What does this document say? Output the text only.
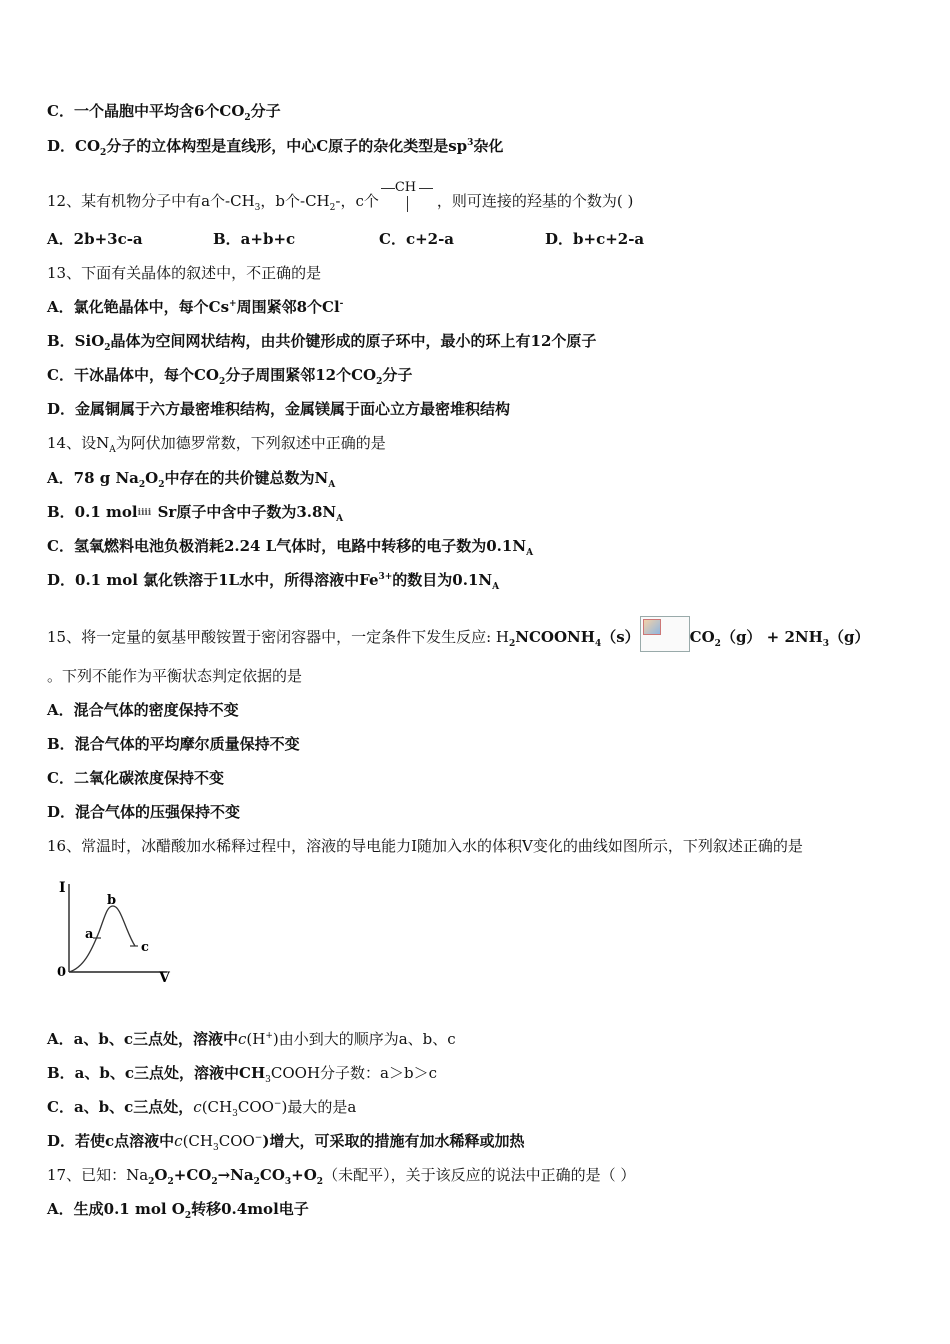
C．一个晶胞中平均含6个$CO_2$分子
D．$CO_2$分子的立体构型是直线形，中心C原子的杂化类型是$sp^3$杂化
12、某有机物分子中有a个$-CH_3$，b个$-CH_2-$，c个
CH
，则可连接的羟基的个数为( )
A．2b+3c-a	B．a+b+c	C．c+2-a	D．b+c+2-a
13、下面有关晶体的叙述中，不正确的是
A．氯化铯晶体中，每个Cs+周围紧邻8个Cl-
B．SiO$_2$晶体为空间网状结构，由共价键形成的原子环中，最小的环上有12个原子
C．干冰晶体中，每个$CO_2$分子周围紧邻12个$CO_2$分子
D．金属铜属于六方最密堆积结构，金属镁属于面心立方最密堆积结构
14、设$N_A$为阿伏加德罗常数，下列叙述中正确的是
A．78 g $Na_2O_2$中存在的共价键总数为$N_A$
B．0.1 molⅱⅱ Sr原子中含中子数为$3.8N_A$
C．氢氧燃料电池负极消耗2.24 L气体时，电路中转移的电子数为$0.1N_A$
D．0.1 mol 氯化铁溶于1L水中，所得溶液中$Fe^{3+}$的数目为$0.1N_A$
15、将一定量的氨基甲酸铵置于密闭容器中，一定条件下发生反应: $H_2NCOONH_4(s)$	$CO_2(g) + 2NH_3(g)$
。下列不能作为平衡状态判定依据的是
A．混合气体的密度保持不变
B．混合气体的平均摩尔质量保持不变
C．二氧化碳浓度保持不变
D．混合气体的压强保持不变
16、常温时，冰醋酸加水稀释过程中，溶液的导电能力Ⅰ随加入水的体积V变化的曲线如图所示，下列叙述正确的是
I
V
0
a
b
c
A．a、b、c三点处，溶液中c(H+)由小到大的顺序为a、b、c
B．a、b、c三点处，溶液中$CH_3COOH$分子数：a＞b＞c
C．a、b、c三点处，$c(CH_3COO^-)$最大的是a
D．若使c点溶液中$c(CH_3COO^-)$增大，可采取的措施有加水稀释或加热
17、已知：$Na_2O_2+CO_2\to Na_2CO_3+O_2$（未配平），关于该反应的说法中正确的是（ ）
A．生成0.1 mol $O_2$转移0.4mol电子
